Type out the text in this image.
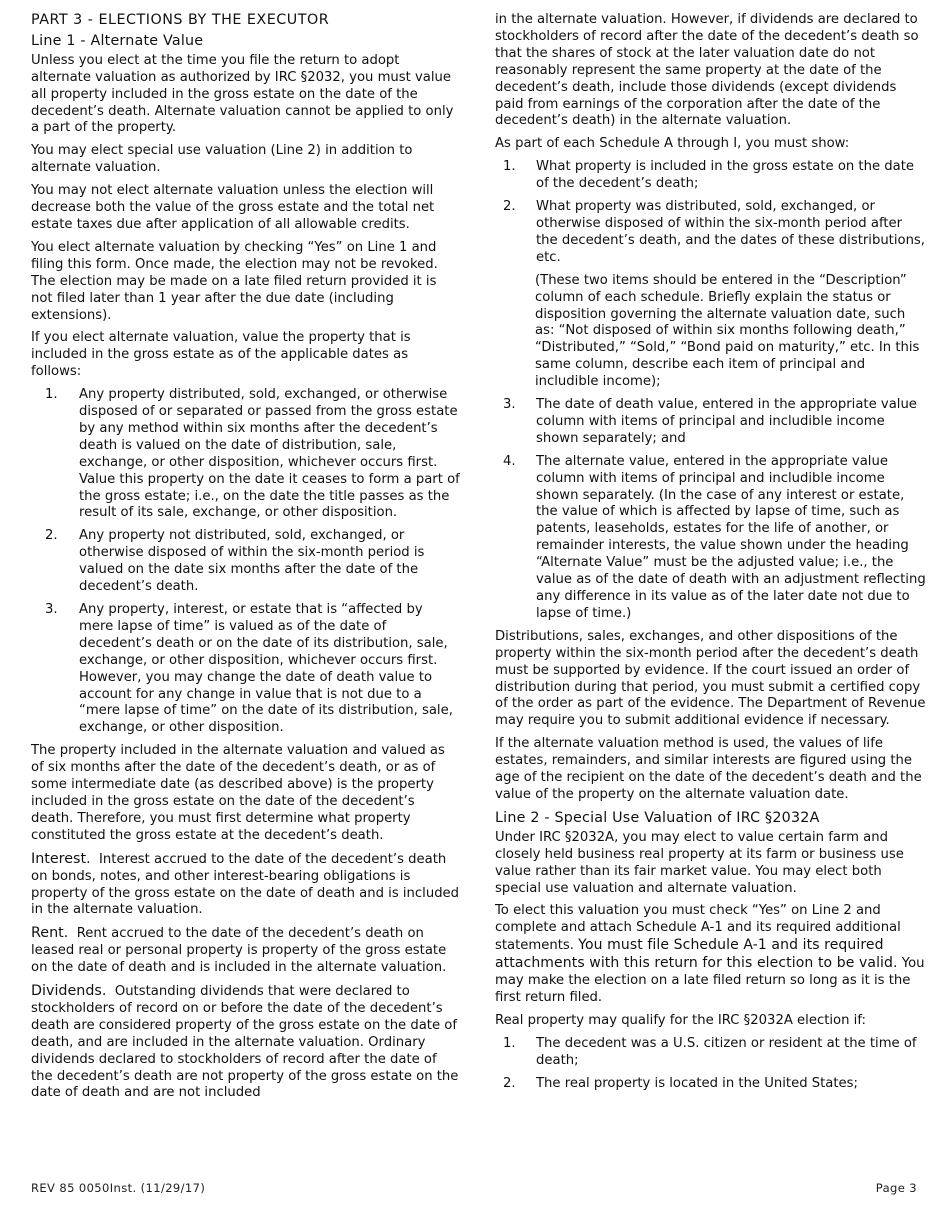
PART 3 - ELECTIONS BY THE EXECUTOR
Line 1 - Alternate Value

Unless you elect at the time you file the return to adopt alternate valuation as authorized by IRC §2032, you must value all property included in the gross estate on the date of the decedent’s death. Alternate valuation cannot be applied to only a part of the property.

You may elect special use valuation (Line 2) in addition to alternate valuation.

You may not elect alternate valuation unless the election will decrease both the value of the gross estate and the total net estate taxes due after application of all allowable credits.

You elect alternate valuation by checking “Yes” on Line 1 and filing this form. Once made, the election may not be revoked. The election may be made on a late filed return provided it is not filed later than 1 year after the due date (including extensions).

If you elect alternate valuation, value the property that is included in the gross estate as of the applicable dates as follows:

1. Any property distributed, sold, exchanged, or otherwise disposed of or separated or passed from the gross estate by any method within six months after the decedent’s death is valued on the date of distribution, sale, exchange, or other disposition, whichever occurs first. Value this property on the date it ceases to form a part of the gross estate; i.e., on the date the title passes as the result of its sale, exchange, or other disposition.
2. Any property not distributed, sold, exchanged, or otherwise disposed of within the six-month period is valued on the date six months after the date of the decedent’s death.
3. Any property, interest, or estate that is “affected by mere lapse of time” is valued as of the date of decedent’s death or on the date of its distribution, sale, exchange, or other disposition, whichever occurs first. However, you may change the date of death value to account for any change in value that is not due to a “mere lapse of time” on the date of its distribution, sale, exchange, or other disposition.

The property included in the alternate valuation and valued as of six months after the date of the decedent’s death, or as of some intermediate date (as described above) is the property included in the gross estate on the date of the decedent’s death. Therefore, you must first determine what property constituted the gross estate at the decedent’s death.

Interest. Interest accrued to the date of the decedent’s death on bonds, notes, and other interest-bearing obligations is property of the gross estate on the date of death and is included in the alternate valuation.

Rent. Rent accrued to the date of the decedent’s death on leased real or personal property is property of the gross estate on the date of death and is included in the alternate valuation.

Dividends. Outstanding dividends that were declared to stockholders of record on or before the date of the decedent’s death are considered property of the gross estate on the date of death, and are included in the alternate valuation. Ordinary dividends declared to stockholders of record after the date of the decedent’s death are not property of the gross estate on the date of death and are not included

in the alternate valuation. However, if dividends are declared to stockholders of record after the date of the decedent’s death so that the shares of stock at the later valuation date do not reasonably represent the same property at the date of the decedent’s death, include those dividends (except dividends paid from earnings of the corporation after the date of the decedent’s death) in the alternate valuation.

As part of each Schedule A through I, you must show:

1. What property is included in the gross estate on the date of the decedent’s death;
2. What property was distributed, sold, exchanged, or otherwise disposed of within the six-month period after the decedent’s death, and the dates of these distributions, etc.

(These two items should be entered in the “Description” column of each schedule. Briefly explain the status or disposition governing the alternate valuation date, such as: “Not disposed of within six months following death,” “Distributed,” “Sold,” “Bond paid on maturity,” etc. In this same column, describe each item of principal and includible income);

3. The date of death value, entered in the appropriate value column with items of principal and includible income shown separately; and
4. The alternate value, entered in the appropriate value column with items of principal and includible income shown separately. (In the case of any interest or estate, the value of which is affected by lapse of time, such as patents, leaseholds, estates for the life of another, or remainder interests, the value shown under the heading “Alternate Value” must be the adjusted value; i.e., the value as of the date of death with an adjustment reflecting any difference in its value as of the later date not due to lapse of time.)

Distributions, sales, exchanges, and other dispositions of the property within the six-month period after the decedent’s death must be supported by evidence. If the court issued an order of distribution during that period, you must submit a certified copy of the order as part of the evidence. The Department of Revenue may require you to submit additional evidence if necessary.

If the alternate valuation method is used, the values of life estates, remainders, and similar interests are figured using the age of the recipient on the date of the decedent’s death and the value of the property on the alternate valuation date.

Line 2 - Special Use Valuation of IRC §2032A

Under IRC §2032A, you may elect to value certain farm and closely held business real property at its farm or business use value rather than its fair market value. You may elect both special use valuation and alternate valuation.

To elect this valuation you must check “Yes” on Line 2 and complete and attach Schedule A-1 and its required additional statements. You must file Schedule A-1 and its required attachments with this return for this election to be valid. You may make the election on a late filed return so long as it is the first return filed.

Real property may qualify for the IRC §2032A election if:

1. The decedent was a U.S. citizen or resident at the time of death;
2. The real property is located in the United States;
REV 85 0050Inst. (11/29/17)	Page 3
